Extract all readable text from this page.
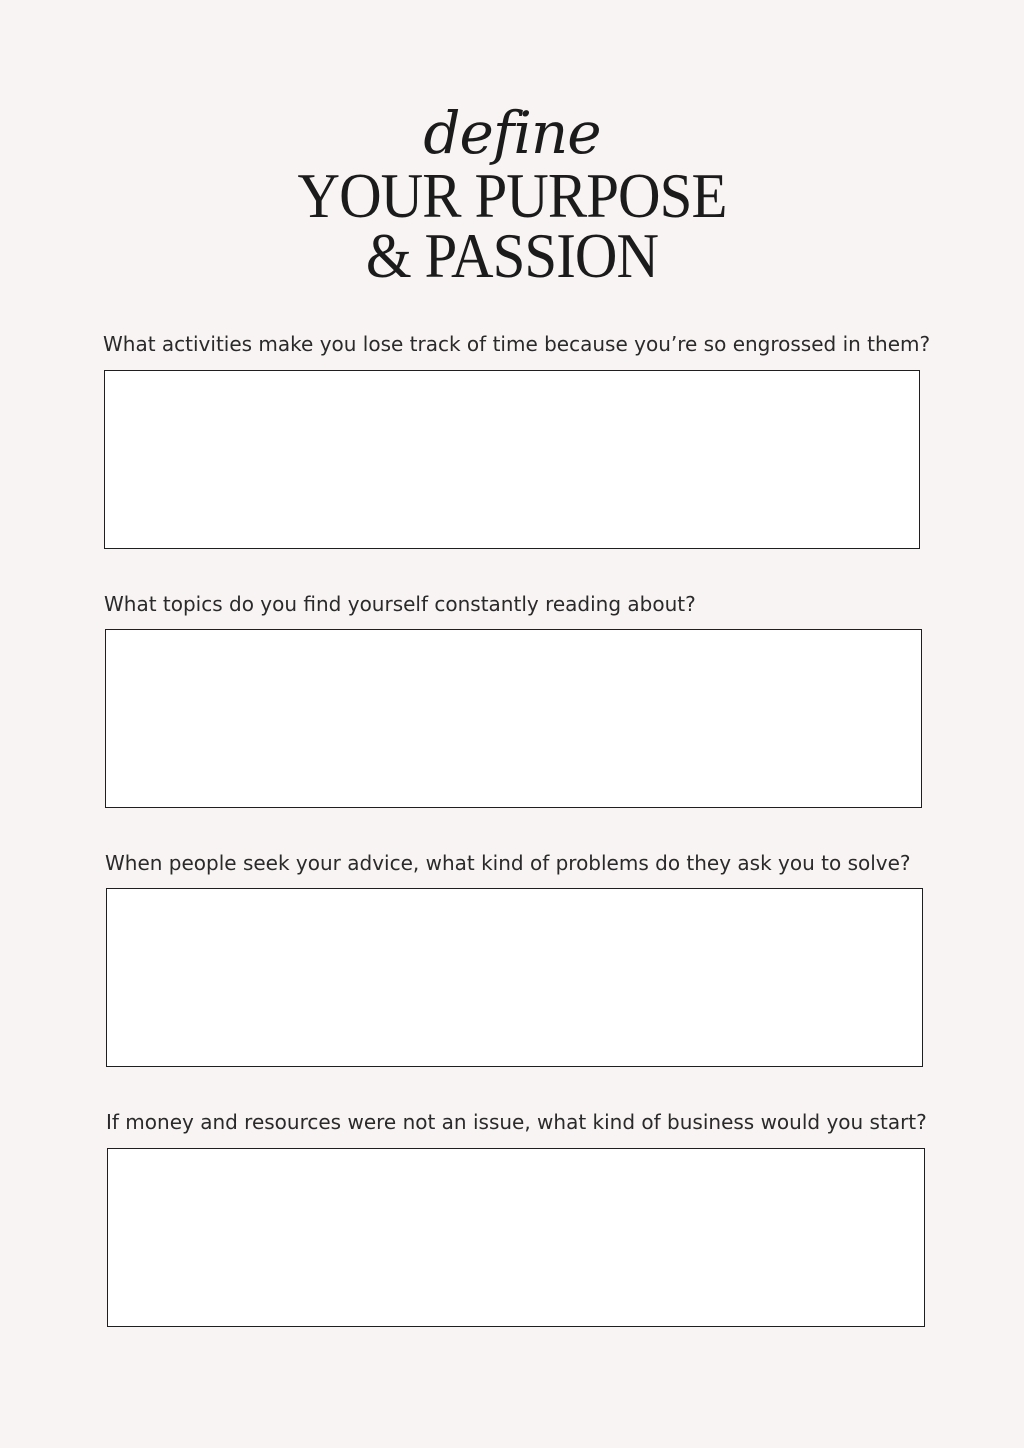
define
YOUR PURPOSE
& PASSION
What activities make you lose track of time because you’re so engrossed in them?
What topics do you find yourself constantly reading about?
When people seek your advice, what kind of problems do they ask you to solve?
If money and resources were not an issue, what kind of business would you start?
